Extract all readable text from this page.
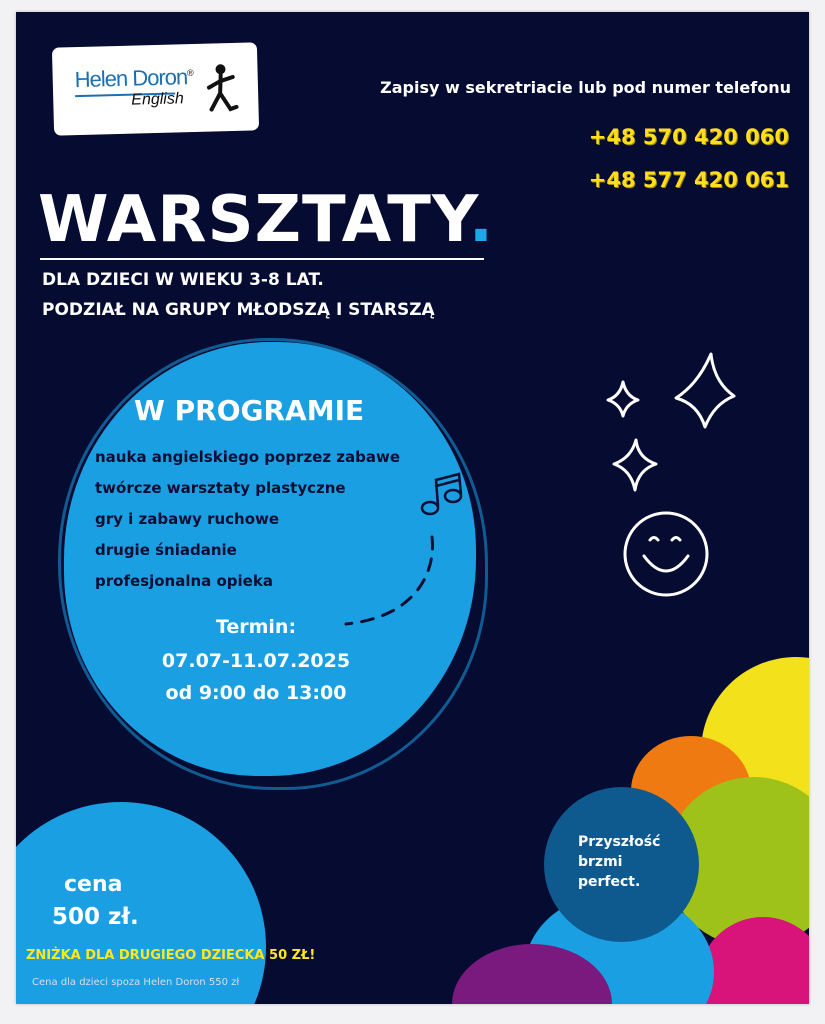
Helen Doron®
English
Zapisy w sekretriacie lub pod numer telefonu
+48 570 420 060
+48 577 420 061
WARSZTATY.
DLA DZIECI W WIEKU 3-8 LAT.
PODZIAŁ NA GRUPY MŁODSZĄ I STARSZĄ
W PROGRAMIE
nauka angielskiego poprzez zabawe
twórcze warsztaty plastyczne
gry i zabawy ruchowe
drugie śniadanie
profesjonalna opieka
Termin:
07.07-11.07.2025
od 9:00 do 13:00
cena
500 zł.
ZNIŻKA DLA DRUGIEGO DZIECKA 50 ZŁ!
Cena dla dzieci spoza Helen Doron 550 zł
Przyszłość
brzmi
perfect.
